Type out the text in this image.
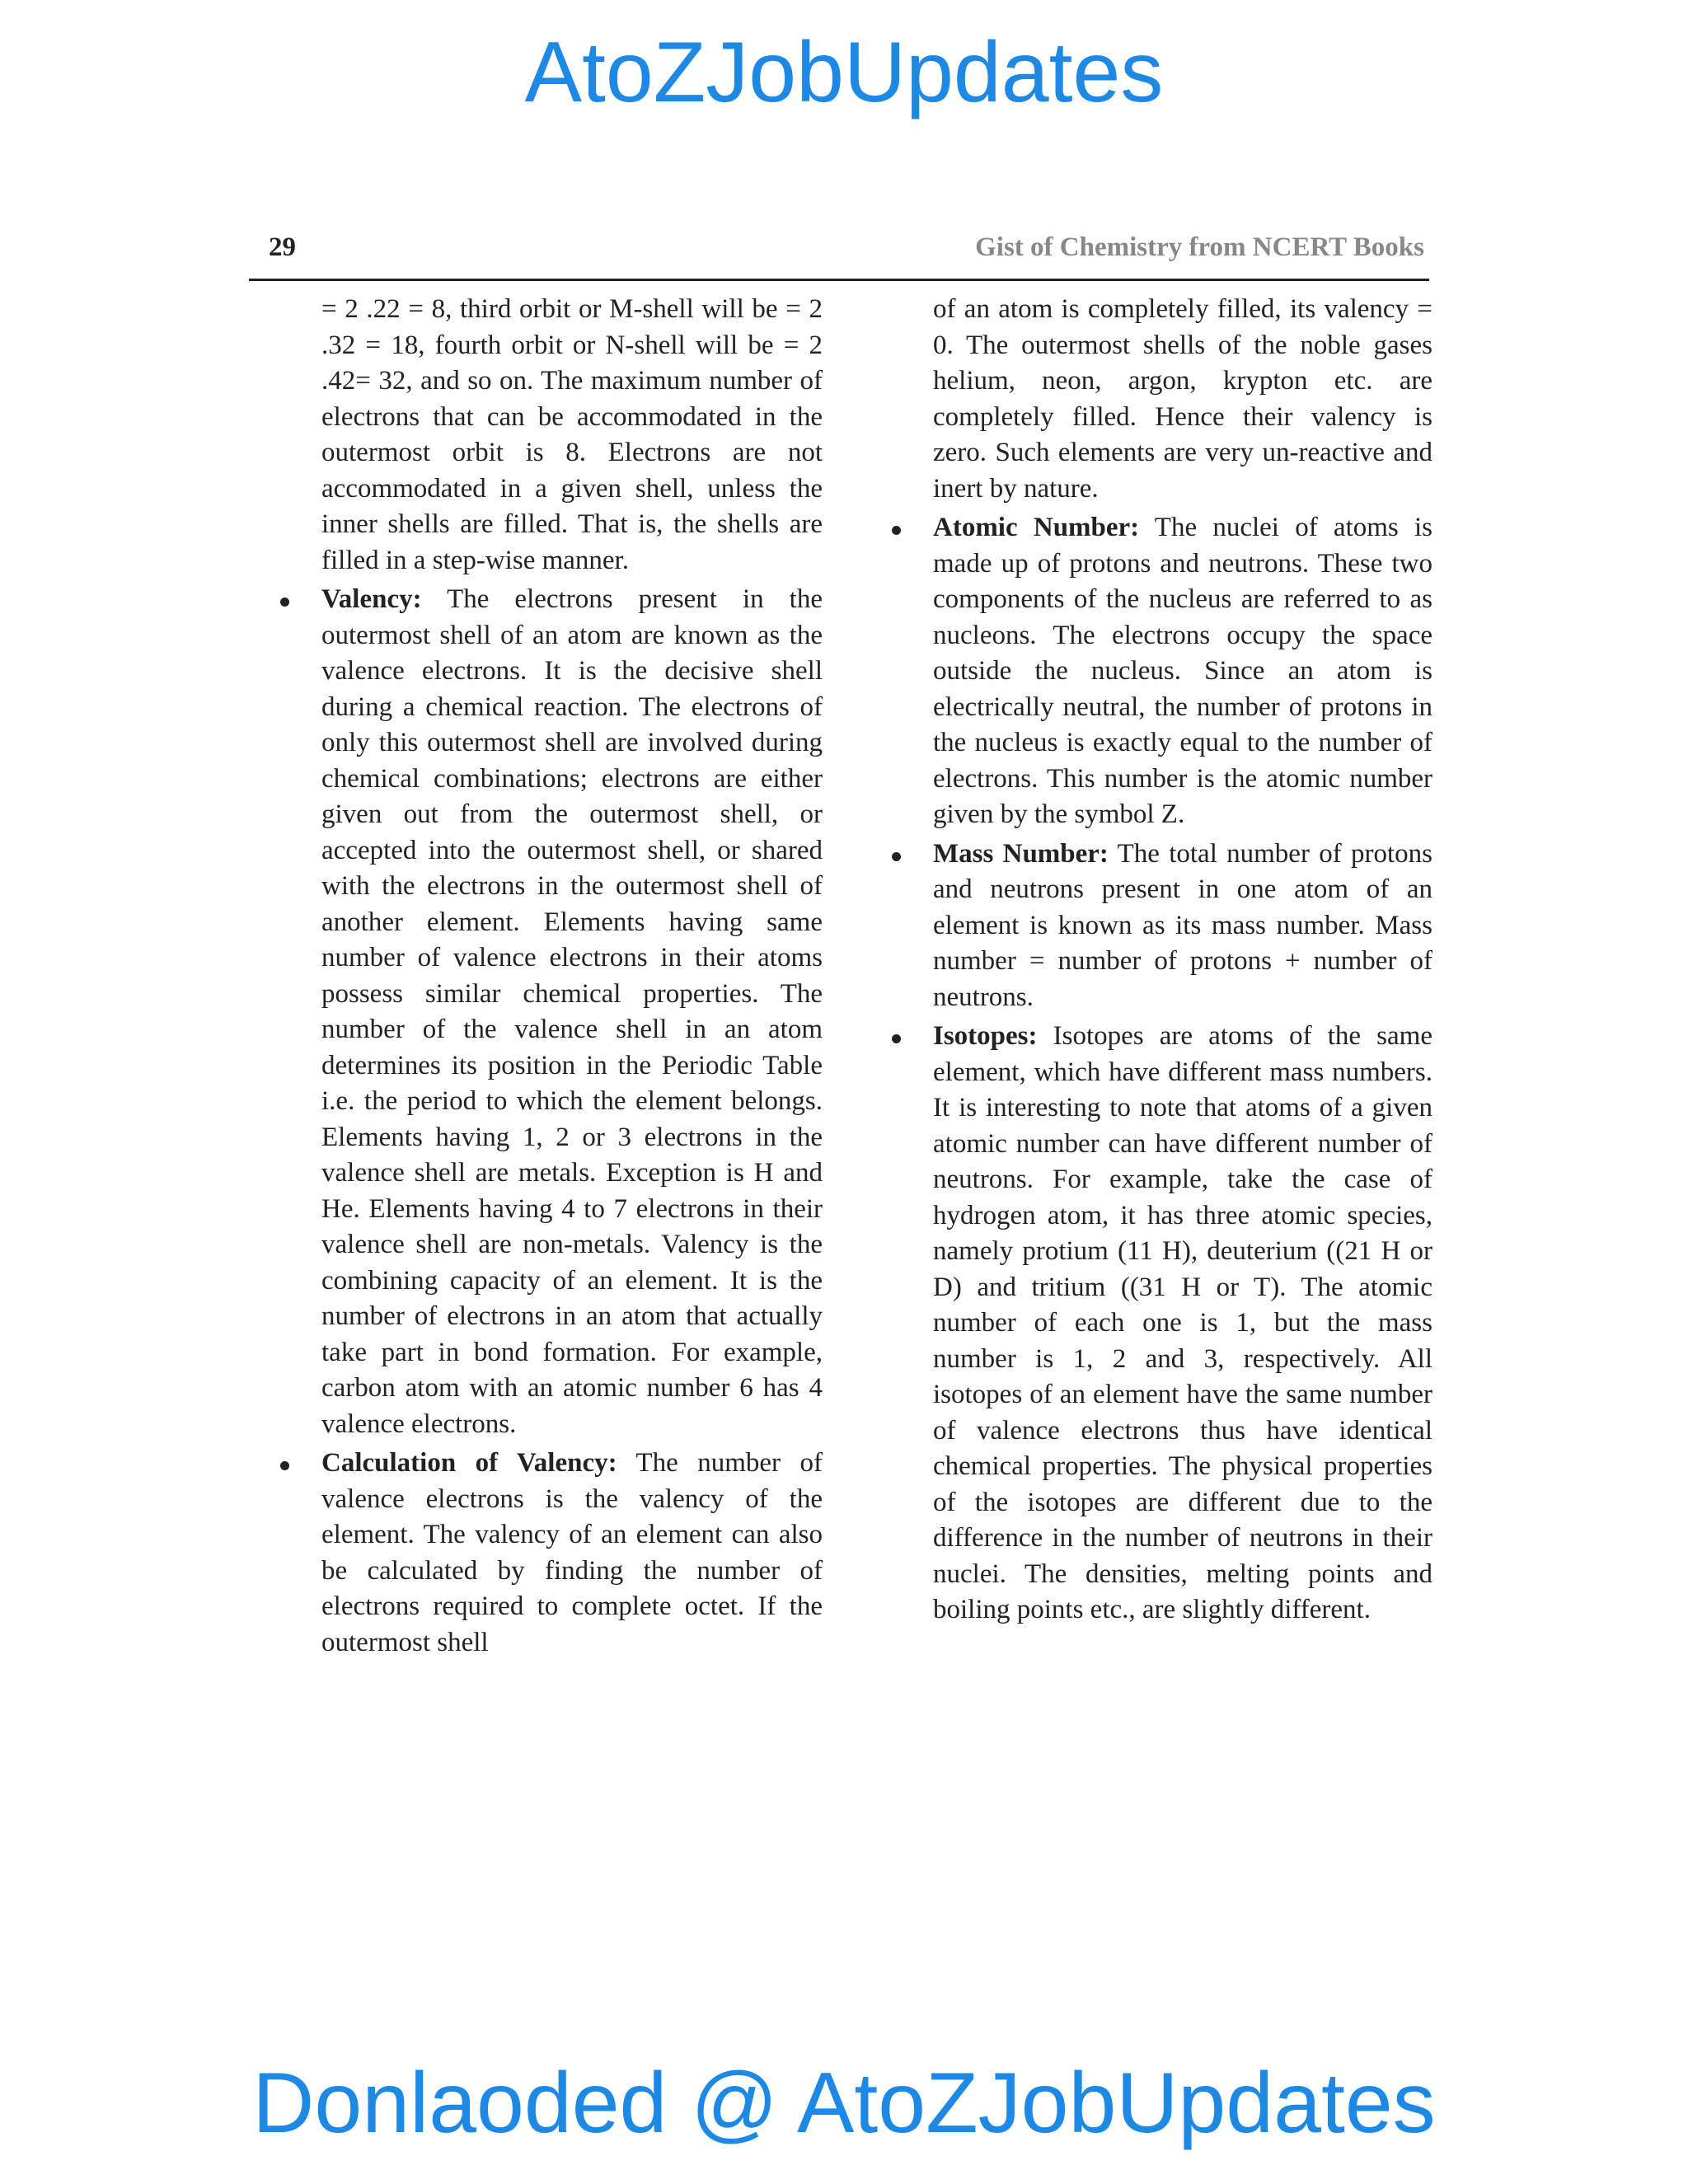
AtoZJobUpdates
29	Gist of Chemistry from NCERT Books

= 2 .22 = 8, third orbit or M-shell will be = 2 .32 = 18, fourth orbit or N-shell will be = 2 .42= 32, and so on. The maximum number of electrons that can be accommodated in the outermost orbit is 8. Electrons are not accommodated in a given shell, unless the inner shells are filled. That is, the shells are filled in a step-wise manner.

Valency: The electrons present in the outermost shell of an atom are known as the valence electrons. It is the decisive shell during a chemical reaction. The electrons of only this outermost shell are involved during chemical combinations; electrons are either given out from the outermost shell, or accepted into the outermost shell, or shared with the electrons in the outermost shell of another element. Elements having same number of valence electrons in their atoms possess similar chemical properties. The number of the valence shell in an atom determines its position in the Periodic Table i.e. the period to which the element belongs. Elements having 1, 2 or 3 electrons in the valence shell are metals. Exception is H and He. Elements having 4 to 7 electrons in their valence shell are non-metals. Valency is the combining capacity of an element. It is the number of electrons in an atom that actually take part in bond formation. For example, carbon atom with an atomic number 6 has 4 valence electrons.

Calculation of Valency: The number of valence electrons is the valency of the element. The valency of an element can also be calculated by finding the number of electrons required to complete octet. If the outermost shell

of an atom is completely filled, its valency = 0. The outermost shells of the noble gases helium, neon, argon, krypton etc. are completely filled. Hence their valency is zero. Such elements are very un-reactive and inert by nature.

Atomic Number: The nuclei of atoms is made up of protons and neutrons. These two components of the nucleus are referred to as nucleons. The electrons occupy the space outside the nucleus. Since an atom is electrically neutral, the number of protons in the nucleus is exactly equal to the number of electrons. This number is the atomic number given by the symbol Z.

Mass Number: The total number of protons and neutrons present in one atom of an element is known as its mass number. Mass number = number of protons + number of neutrons.

Isotopes: Isotopes are atoms of the same element, which have different mass numbers. It is interesting to note that atoms of a given atomic number can have different number of neutrons. For example, take the case of hydrogen atom, it has three atomic species, namely protium (11 H), deuterium ((21 H or D) and tritium ((31 H or T). The atomic number of each one is 1, but the mass number is 1, 2 and 3, respectively. All isotopes of an element have the same number of valence electrons thus have identical chemical properties. The physical properties of the isotopes are different due to the difference in the number of neutrons in their nuclei. The densities, melting points and boiling points etc., are slightly different.

Donlaoded @ AtoZJobUpdates
